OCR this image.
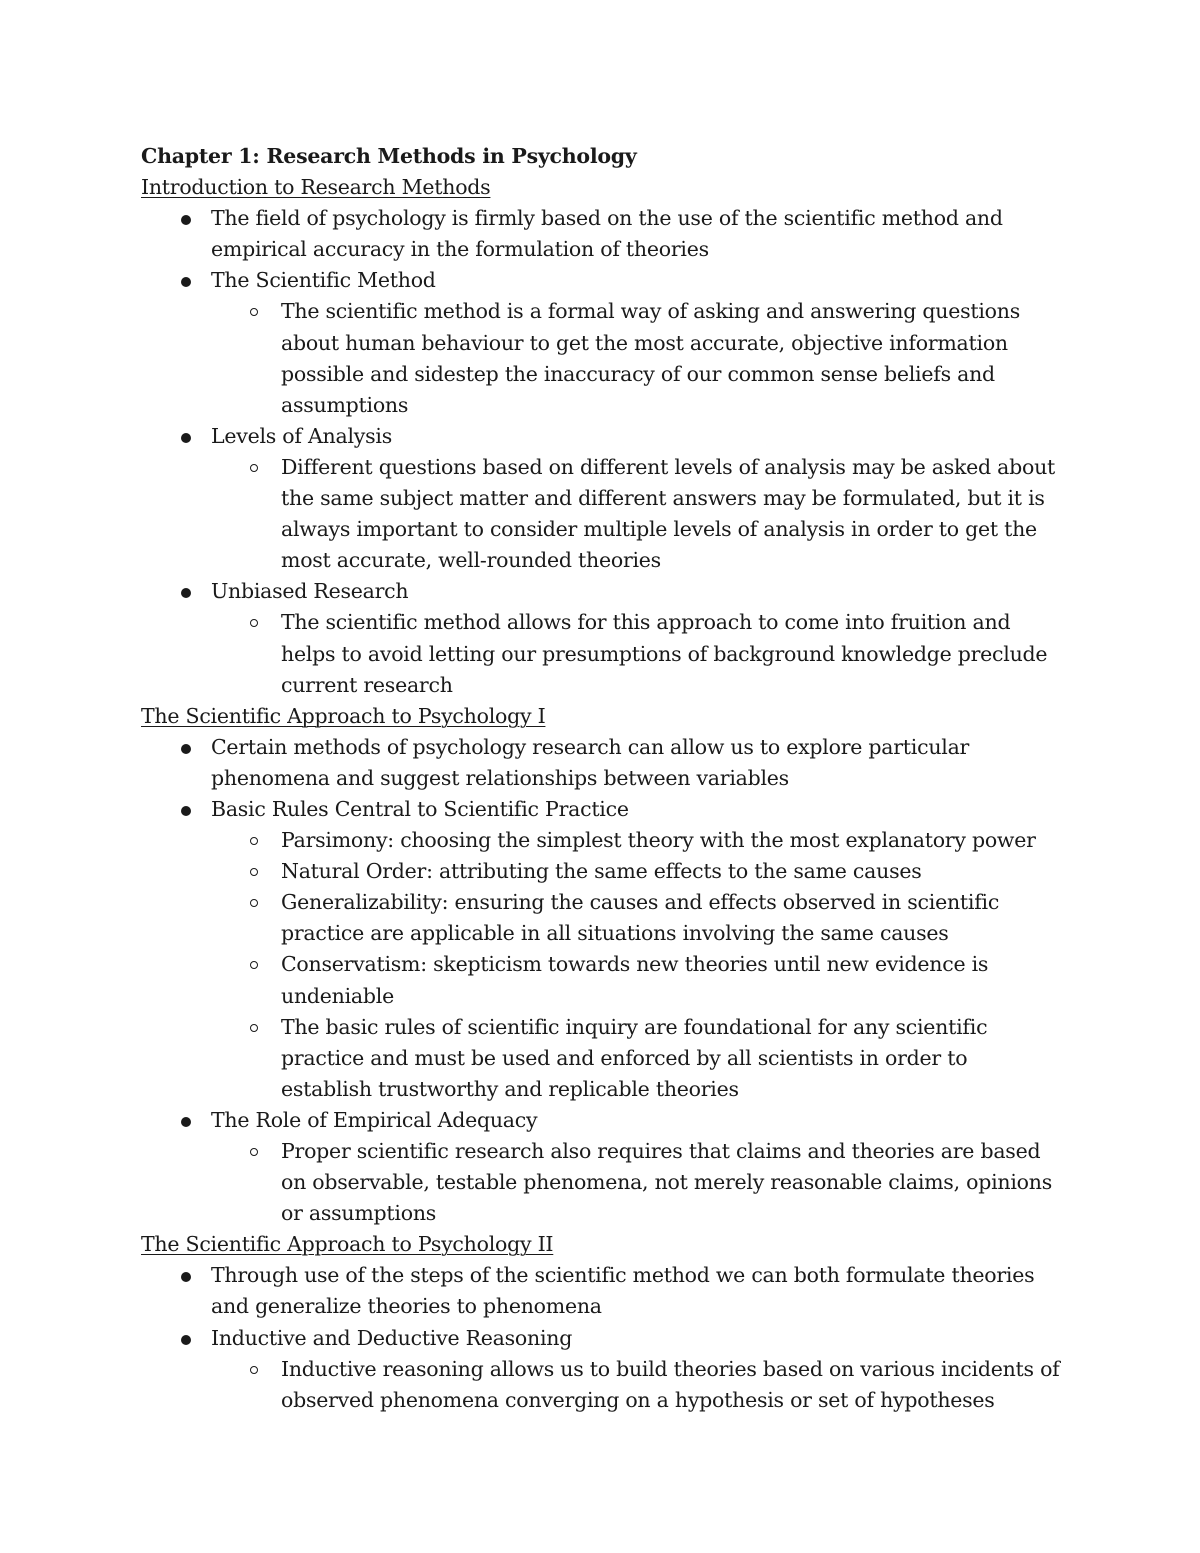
Chapter 1: Research Methods in Psychology
Introduction to Research Methods
The field of psychology is firmly based on the use of the scientific method and empirical accuracy in the formulation of theories
The Scientific Method
The scientific method is a formal way of asking and answering questions about human behaviour to get the most accurate, objective information possible and sidestep the inaccuracy of our common sense beliefs and assumptions
Levels of Analysis
Different questions based on different levels of analysis may be asked about the same subject matter and different answers may be formulated, but it is always important to consider multiple levels of analysis in order to get the most accurate, well-rounded theories
Unbiased Research
The scientific method allows for this approach to come into fruition and helps to avoid letting our presumptions of background knowledge preclude current research
The Scientific Approach to Psychology I
Certain methods of psychology research can allow us to explore particular phenomena and suggest relationships between variables
Basic Rules Central to Scientific Practice
Parsimony: choosing the simplest theory with the most explanatory power
Natural Order: attributing the same effects to the same causes
Generalizability: ensuring the causes and effects observed in scientific practice are applicable in all situations involving the same causes
Conservatism: skepticism towards new theories until new evidence is undeniable
The basic rules of scientific inquiry are foundational for any scientific practice and must be used and enforced by all scientists in order to establish trustworthy and replicable theories
The Role of Empirical Adequacy
Proper scientific research also requires that claims and theories are based on observable, testable phenomena, not merely reasonable claims, opinions or assumptions
The Scientific Approach to Psychology II
Through use of the steps of the scientific method we can both formulate theories and generalize theories to phenomena
Inductive and Deductive Reasoning
Inductive reasoning allows us to build theories based on various incidents of observed phenomena converging on a hypothesis or set of hypotheses
